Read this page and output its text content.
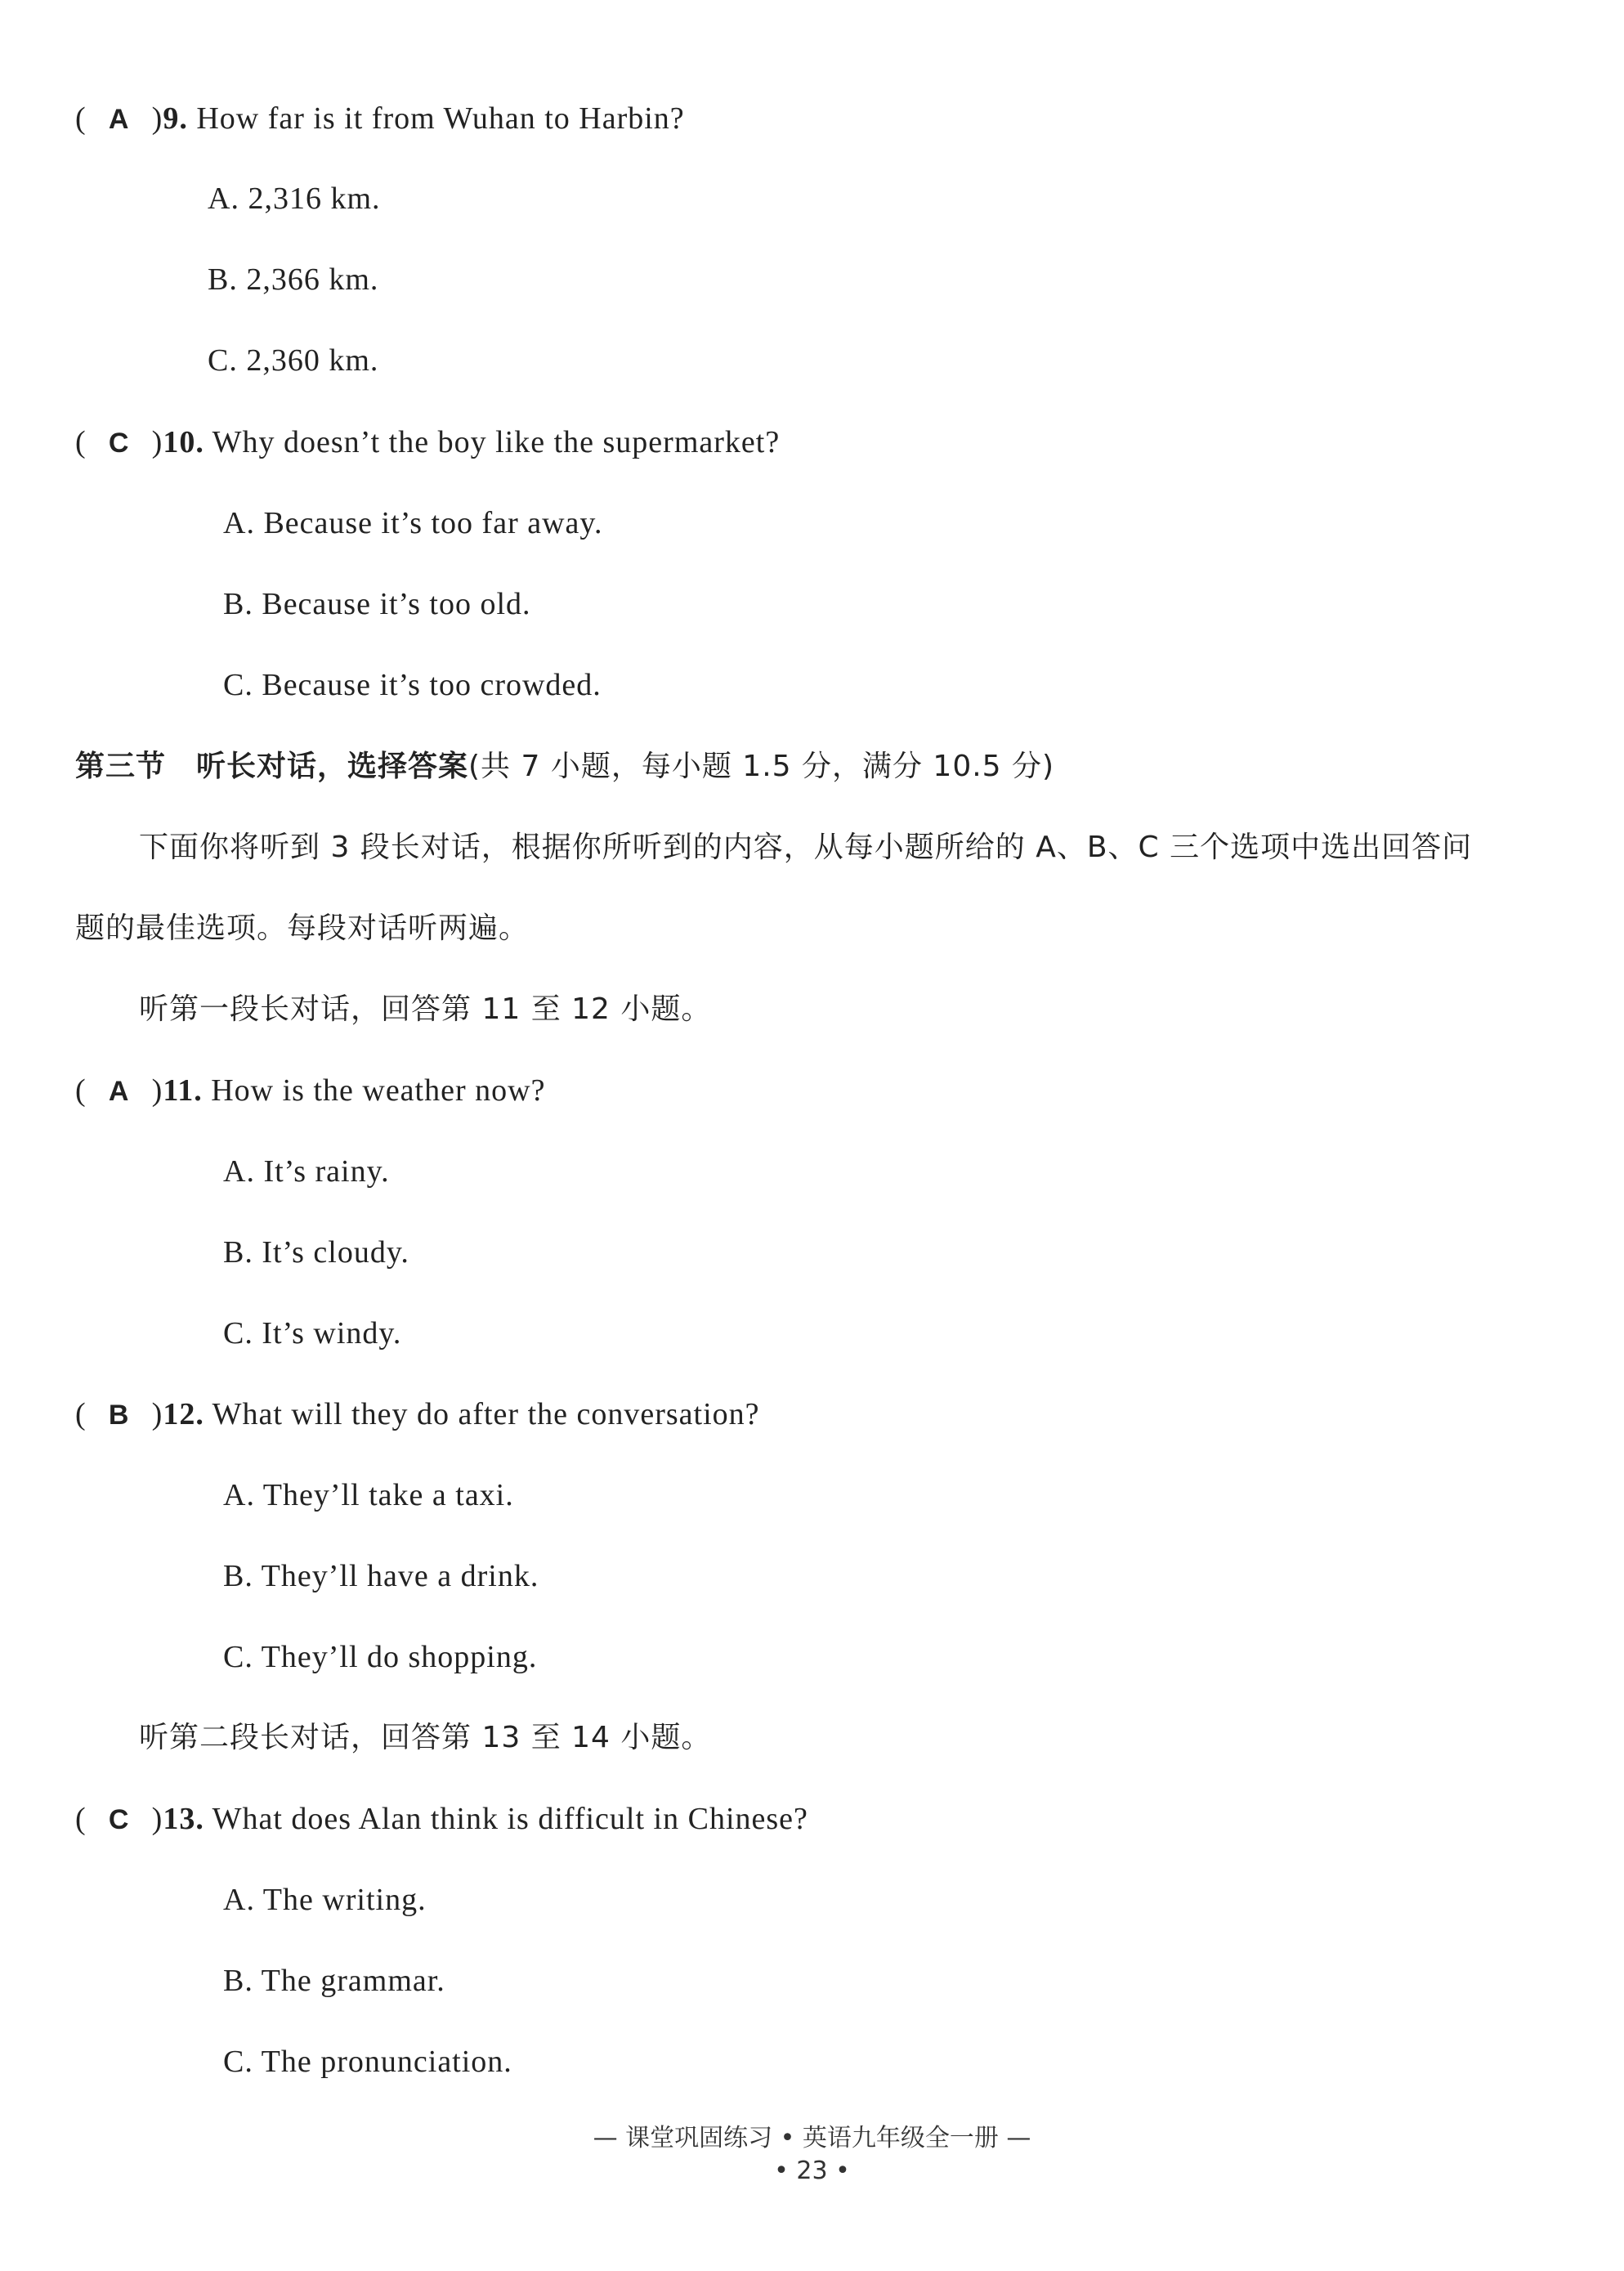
( A )9. How far is it from Wuhan to Harbin?
A. 2,316 km.
B. 2,366 km.
C. 2,360 km.
( C )10. Why doesn’t the boy like the supermarket?
A. Because it’s too far away.
B. Because it’s too old.
C. Because it’s too crowded.
第三节　听长对话，选择答案(共 7 小题，每小题 1.5 分，满分 10.5 分)
下面你将听到 3 段长对话，根据你所听到的内容，从每小题所给的 A、B、C 三个选项中选出回答问
题的最佳选项。每段对话听两遍。
听第一段长对话，回答第 11 至 12 小题。
( A )11. How is the weather now?
A. It’s rainy.
B. It’s cloudy.
C. It’s windy.
( B )12. What will they do after the conversation?
A. They’ll take a taxi.
B. They’ll have a drink.
C. They’ll do shopping.
听第二段长对话，回答第 13 至 14 小题。
( C )13. What does Alan think is difficult in Chinese?
A. The writing.
B. The grammar.
C. The pronunciation.
— 课堂巩固练习 • 英语九年级全一册 —
• 23 •
